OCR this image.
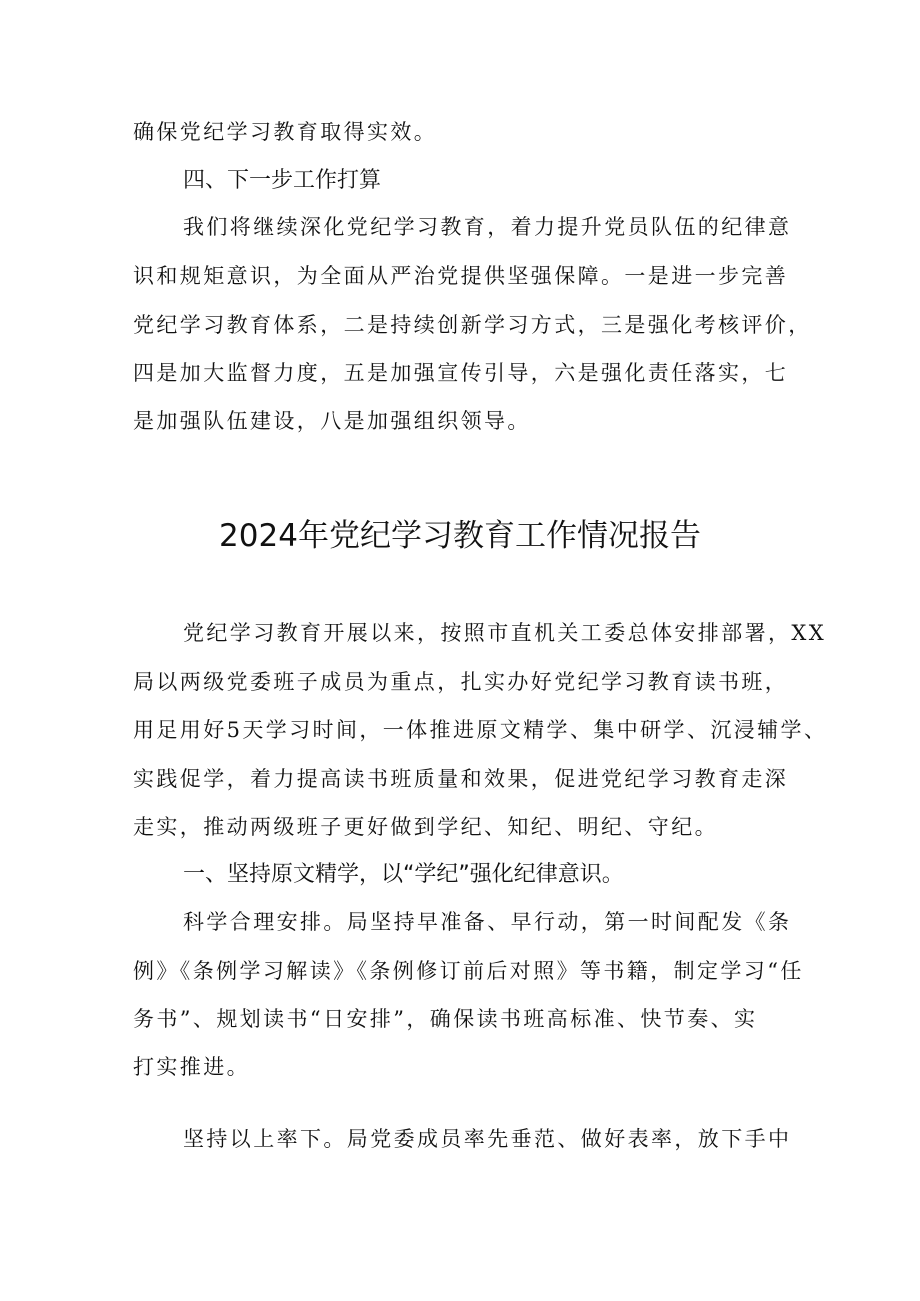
确保党纪学习教育取得实效。
四、下一步工作打算
我们将继续深化党纪学习教育，着力提升党员队伍的纪律意
识和规矩意识，为全面从严治党提供坚强保障。一是进一步完善
党纪学习教育体系，二是持续创新学习方式，三是强化考核评价，
四是加大监督力度，五是加强宣传引导，六是强化责任落实，七
是加强队伍建设，八是加强组织领导。
2024年党纪学习教育工作情况报告
党纪学习教育开展以来，按照市直机关工委总体安排部署，XX
局以两级党委班子成员为重点，扎实办好党纪学习教育读书班，
用足用好5天学习时间，一体推进原文精学、集中研学、沉浸辅学、
实践促学，着力提高读书班质量和效果，促进党纪学习教育走深
走实，推动两级班子更好做到学纪、知纪、明纪、守纪。
一、坚持原文精学，以“学纪”强化纪律意识。
科学合理安排。局坚持早准备、早行动，第一时间配发《条
例》《条例学习解读》《条例修订前后对照》等书籍，制定学习“任
务书”、规划读书“日安排”，确保读书班高标准、快节奏、实
打实推进。
坚持以上率下。局党委成员率先垂范、做好表率，放下手中
